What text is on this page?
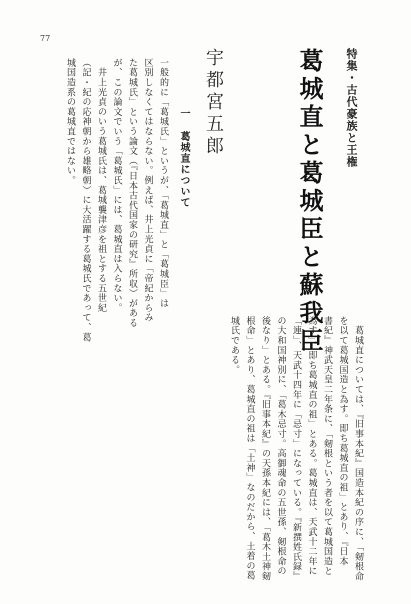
77
特集・古代豪族と王権
葛城直と葛城臣と蘇我臣
宇都宮五郎
一 葛城直について
一般的に「葛城氏」というが、「葛城直」と「葛城臣」は
区別しなくてはならない。例えば、井上光貞に「帝紀からみ
た葛城氏」という論文（『日本古代国家の研究』所収）がある
が、この論文でいう「葛城氏」には、葛城直は入らない。
　井上光貞のいう葛城氏は、葛城襲津彦を祖とする五世紀
（記・紀の応神朝から雄略朝）に大活躍する葛城氏であって、葛
城国造系の葛城直ではない。
　葛城直については、『旧事本紀』国造本紀の序に、「剱根命
を以て葛城国造と為す。即ち葛城直の祖」とあり、『日本
書紀』神武天皇二年条に、「剱根という者を以て葛城国造と
為す」。即ち葛城直の祖」とある。葛城直は、天武十二年に
「連」、天武十四年に「忌寸」になっている。『新撰姓氏録』
の大和国神別に、「葛木忌寸。高御魂命の五世孫、剱根命の
後なり」とある。『旧事本紀』の天孫本紀には、「葛木土神剱
根命」とあり、葛城直の祖は「土神」なのだから、土着の葛
城氏である。
